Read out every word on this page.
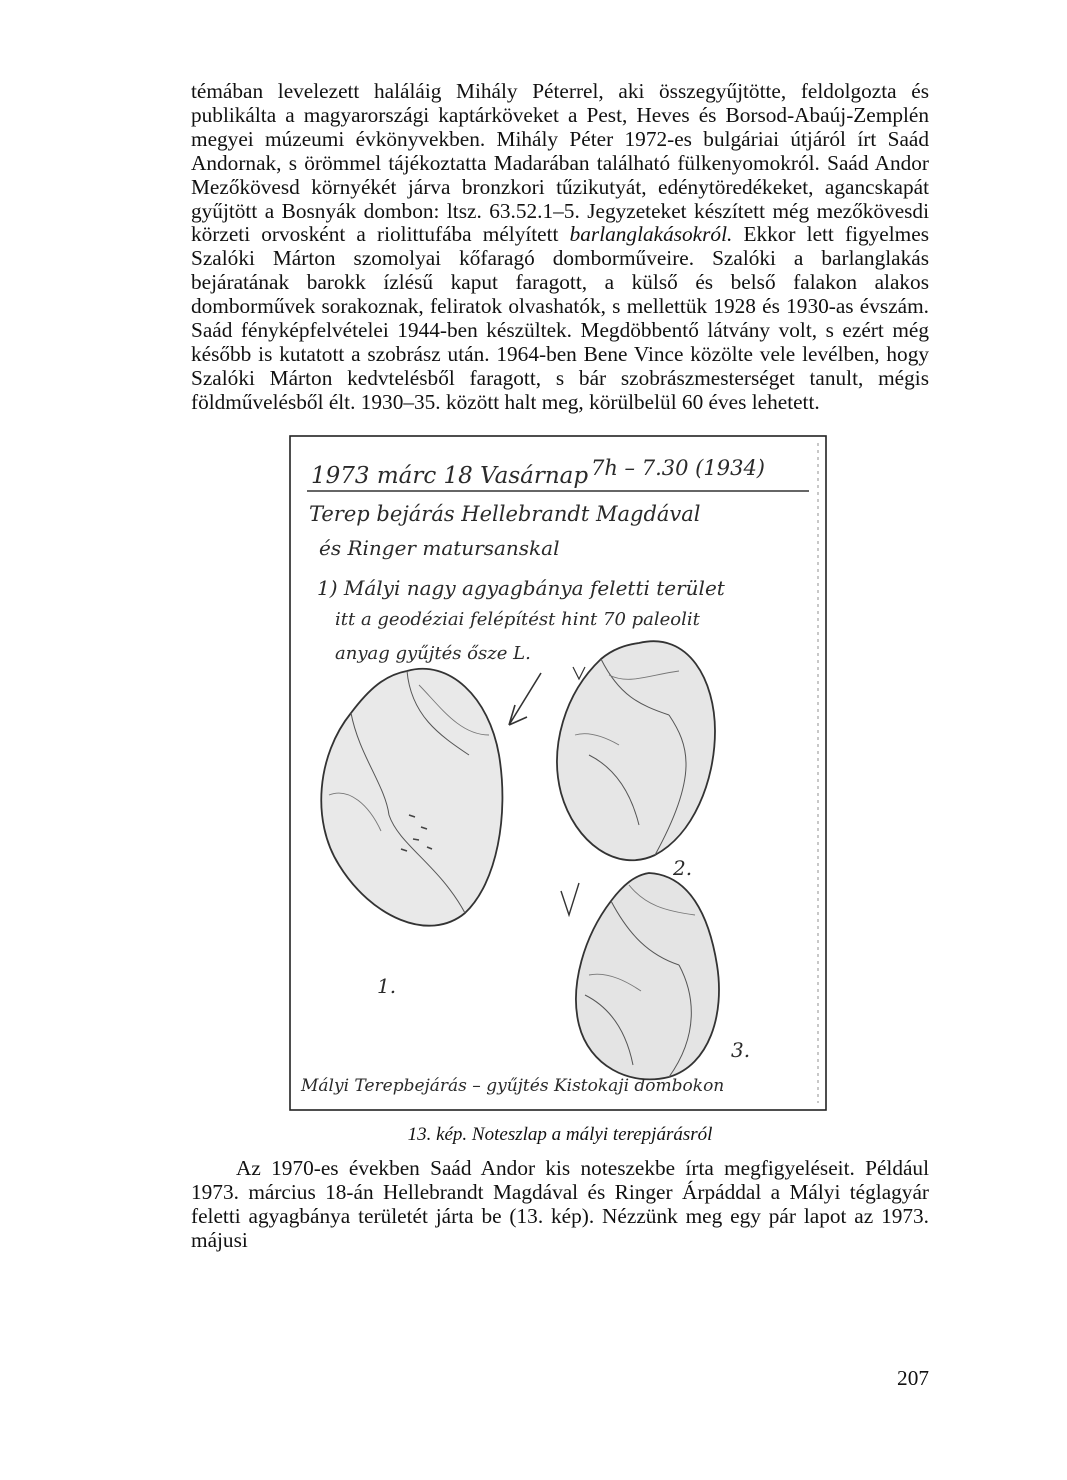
témában levelezett haláláig Mihály Péterrel, aki összegyűjtötte, feldolgozta és publikálta a magyarországi kaptárköveket a Pest, Heves és Borsod-Abaúj-Zemplén megyei múzeumi évkönyvekben. Mihály Péter 1972-es bulgáriai útjáról írt Saád Andornak, s örömmel tájékoztatta Madarában található fülkenyomokról. Saád Andor Mezőkövesd környékét járva bronzkori tűzikutyát, edénytöredékeket, agancskapát gyűjtött a Bosnyák dombon: ltsz. 63.52.1–5. Jegyzeteket készített még mezőkövesdi körzeti orvosként a riolittufába mélyített barlanglakásokról. Ekkor lett figyelmes Szalóki Márton szomolyai kőfaragó domborműveire. Szalóki a barlanglakás bejáratának barokk ízlésű kaput faragott, a külső és belső falakon alakos domborművek sorakoznak, feliratok olvashatók, s mellettük 1928 és 1930-as évszám. Saád fényképfelvételei 1944-ben készültek. Megdöbbentő látvány volt, s ezért még később is kutatott a szobrász után. 1964-ben Bene Vince közölte vele levélben, hogy Szalóki Márton kedvtelésből faragott, s bár szobrászmesterséget tanult, mégis földművelésből élt. 1930–35. között halt meg, körülbelül 60 éves lehetett.

1973 márc 18 Vasárnap 7h – 7.30 (1934)
Terep bejárás Hellebrandt Magdával
és Ringer matursanskal
1) Mályi nagy agyagbánya feletti terület
itt a geodéziai felépítést hint 70 paleolit
anyag gyűjtés ősze L.
1.
2.
3.
Mályi Terepbejárás – gyűjtés Kistokaji dombokon
13. kép. Noteszlap a mályi terepjárásról

Az 1970-es években Saád Andor kis noteszekbe írta megfigyeléseit. Például 1973. március 18-án Hellebrandt Magdával és Ringer Árpáddal a Mályi téglagyár feletti agyagbánya területét járta be (13. kép). Nézzünk meg egy pár lapot az 1973. májusi

207
